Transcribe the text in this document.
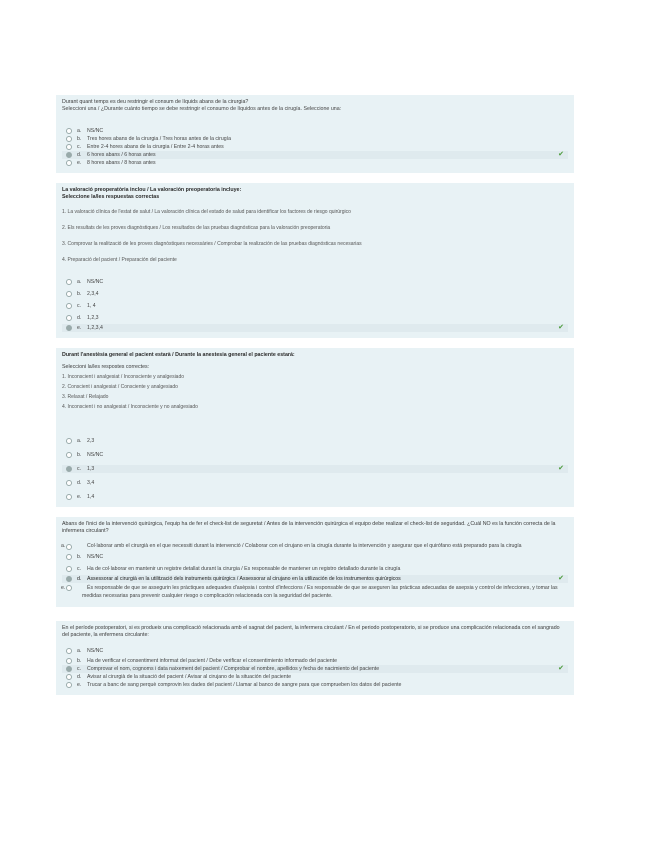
Durant quant temps es deu restringir el consum de líquids abans de la cirurgia?
Seleccioni una / ¿Durante cuánto tiempo se debe restringir el consumo de líquidos antes de la cirugía. Seleccione una:
a. NS/NC
b. Tres hores abans de la cirurgia / Tres horas antes de la cirugía
c. Entre 2-4 hores abans de la cirurgia / Entre 2-4 horas antes
d. 6 hores abans / 6 horas antes	✔
e. 8 hores abans / 8 horas antes
La valoració preoperatòria inclou / La valoración preoperatoria incluye:
Seleccione la/les respuestas correctas
1. La valoració clínica de l'estat de salut / La valoración clínica del estado de salud para identificar los factores de riesgo quirúrgico
2. Els resultats de les proves diagnòstiques / Los resultados de las pruebas diagnósticas para la valoración preoperatoria
3. Comprovar la realització de les proves diagnòstiques necessàries / Comprobar la realización de las pruebas diagnósticas necesarias
4. Preparació del pacient / Preparación del paciente
a. NS/NC
b. 2,3,4
c. 1, 4
d. 1,2,3
e. 1,2,3,4	✔
Durant l'anestèsia general el pacient estarà / Durante la anestesia general el paciente estará:
Seleccioni la/les respostes correctes:
1. Inconscient i analgesiat / Inconsciente y analgesiado
2. Conscient i analgesiat / Consciente y analgesiado
3. Relaxat / Relajado
4. Inconscient i no analgesiat / Inconsciente y no analgesiado
a. 2,3
b. NS/NC
c. 1,3	✔
d. 3,4
e. 1,4
Abans de l'inici de la intervenció quirúrgica, l'equip ha de fer el check-list de seguretat / Antes de la intervención quirúrgica el equipo debe realizar el check-list de seguridad. ¿Cuál NO es la función correcta de la infermera circulant?
a.	Col·laborar amb el cirurgià en el que necessiti durant la intervenció / Colaborar con el cirujano en la cirugía durante la intervención y asegurar que el quirófano está preparado para la cirugía
b. NS/NC
c. Ha de col·laborar en mantenir un registre detallat durant la cirurgia / Es responsable de mantener un registro detallado durante la cirugía
d. Assessorar al cirurgià en la utilització dels instruments quirúrgics / Assessorar al cirujano en la utilización de los instrumentos quirúrgicos	✔
e.	És responsable de que se assegurin les pràctiques adequades d'asèpsia i control d'infeccions / Es responsable de que se aseguren las prácticas adecuadas de asepsia y control de infecciones, y tomar las medidas necesarias para prevenir cualquier riesgo o complicación relacionada con la seguridad del paciente.
En el període postoperatori, si es produeix una complicació relacionada amb el sagnat del pacient, la infermera circulant / En el periodo postoperatorio, si se produce una complicación relacionada con el sangrado del paciente, la enfermera circulante:
a. NS/NC
b. Ha de verificar el consentiment informat del pacient / Debe verificar el consentimiento informado del paciente
c. Comprovar el nom, cognoms i data naixement del pacient / Comprobar el nombre, apellidos y fecha de nacimiento del paciente	✔
d. Avisar al cirurgià de la situació del pacient / Avisar al cirujano de la situación del paciente
e. Trucar a banc de sang perquè comprovin les dades del pacient / Llamar al banco de sangre para que comprueben los datos del paciente
